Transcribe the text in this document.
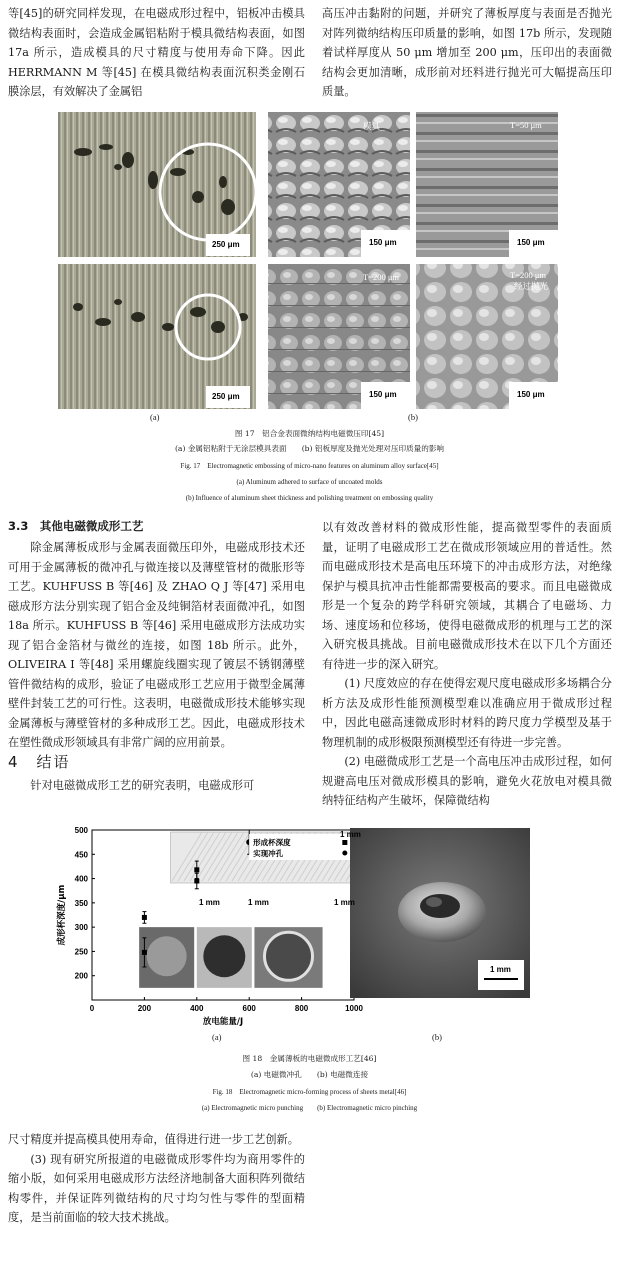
等[45]的研究同样发现，在电磁成形过程中，铝板冲击模具微结构表面时，会造成金属铝粘附于模具微结构表面，如图 17a 所示，造成模具的尺寸精度与使用寿命下降。因此 HERRMANN M 等[45] 在模具微结构表面沉积类金刚石膜涂层，有效解决了金属铝

高压冲击黏附的问题，并研究了薄板厚度与表面是否抛光对阵列微纳结构压印质量的影响，如图 17b 所示，发现随着试样厚度从 50 μm 增加至 200 μm，压印出的表面微结构会更加清晰，成形前对坯料进行抛光可大幅提高压印质量。

250 μm
250 μm
150 μm	150 μm
150 μm	150 μm
模具	T=50 μm
T=200 μm	T=200 μm
经过抛光
(a)	(b)
图 17　铝合金表面微纳结构电磁微压印[45]
(a) 金属铝粘附于无涂层模具表面　　(b) 铝板厚度及抛光处理对压印质量的影响
Fig. 17　Electromagnetic embossing of micro-nano features on aluminum alloy surface[45]
(a) Aluminum adhered to surface of uncoated molds
(b) Influence of aluminum sheet thickness and polishing treatment on embossing quality
3.3　其他电磁微成形工艺

除金属薄板成形与金属表面微压印外，电磁成形技术还可用于金属薄板的微冲孔与微连接以及薄壁管材的微胀形等工艺。KUHFUSS B 等[46] 及 ZHAO Q J 等[47] 采用电磁成形方法分别实现了铝合金及纯铜箔材表面微冲孔，如图 18a 所示。KUHFUSS B 等[46] 采用电磁成形方法成功实现了铝合金箔材与微丝的连接，如图 18b 所示。此外，OLIVEIRA I 等[48] 采用螺旋线圈实现了镀层不锈钢薄壁管件微结构的成形，验证了电磁成形工艺应用于微型金属薄壁件封装工艺的可行性。这表明，电磁微成形技术能够实现金属薄板与薄壁管材的多种成形工艺。因此，电磁成形技术在塑性微成形领域具有非常广阔的应用前景。

4　结语

针对电磁微成形工艺的研究表明，电磁成形可

以有效改善材料的微成形性能，提高微型零件的表面质量，证明了电磁成形工艺在微成形领域应用的普适性。然而电磁成形技术是高电压环境下的冲击成形方法，对绝缘保护与模具抗冲击性能都需要极高的要求。而且电磁微成形是一个复杂的跨学科研究领域，其耦合了电磁场、力场、速度场和位移场，使得电磁微成形的机理与工艺的深入研究极具挑战。目前电磁微成形技术在以下几个方面还有待进一步的深入研究。

(1) 尺度效应的存在使得宏观尺度电磁成形多场耦合分析方法及成形性能预测模型难以准确应用于微成形过程中，因此电磁高速微成形时材料的跨尺度力学模型及基于物理机制的成形极限预测模型还有待进一步完善。

(2) 电磁微成形工艺是一个高电压冲击成形过程，如何规避高电压对微成形模具的影响，避免火花放电对模具微纳特征结构产生破坏，保障微结构

0	200	400	600	800	1000
200
250
300
350
400
450
500
放电能量/J
成形杯深度/μm
形成杯深度
实现冲孔
1 mm
1 mm	1 mm	1 mm
1 mm
(a)	(b)
图 18　金属薄板的电磁微成形工艺[46]
(a) 电磁微冲孔　　(b) 电磁微连接
Fig. 18　Electromagnetic micro-forming process of sheets metal[46]
(a) Electromagnetic micro punching　　(b) Electromagnetic micro pinching

尺寸精度并提高模具使用寿命，值得进行进一步工艺创新。

(3) 现有研究所报道的电磁微成形零件均为商用零件的缩小版，如何采用电磁成形方法经济地制备大面积阵列微结构零件，并保证阵列微结构的尺寸均匀性与零件的型面精度，是当前面临的较大技术挑战。
